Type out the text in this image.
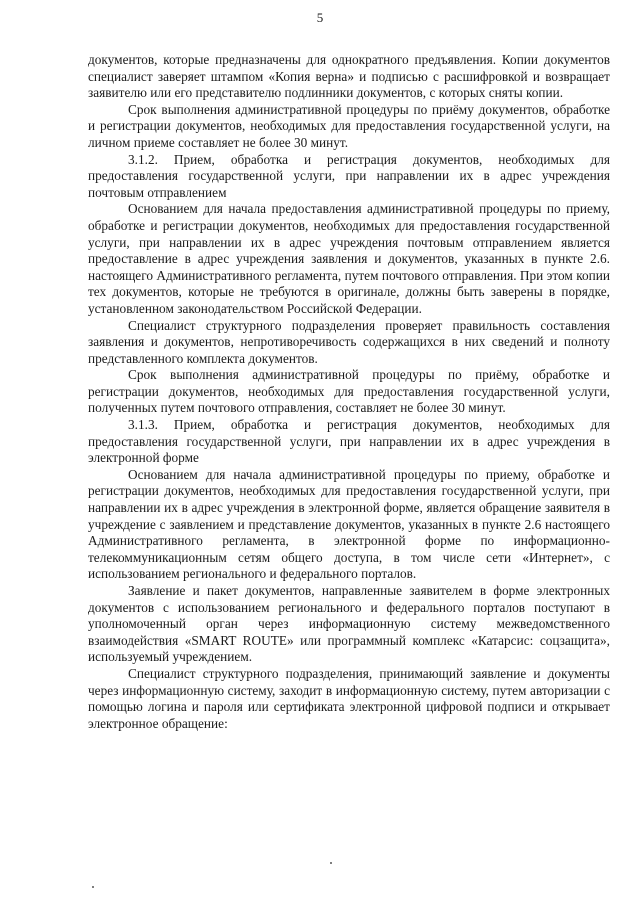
5

документов, которые предназначены для однократного предъявления. Копии документов специалист заверяет штампом «Копия верна» и подписью с расшифровкой и возвращает заявителю или его представителю подлинники документов, с которых сняты копии.

Срок выполнения административной процедуры по приёму документов, обработке и регистрации документов, необходимых для предоставления государственной услуги, на личном приеме составляет не более 30 минут.

3.1.2. Прием, обработка и регистрация документов, необходимых для предоставления государственной услуги, при направлении их в адрес учреждения почтовым отправлением

Основанием для начала предоставления административной процедуры по приему, обработке и регистрации документов, необходимых для предоставления государственной услуги, при направлении их в адрес учреждения почтовым отправлением является предоставление в адрес учреждения заявления и документов, указанных в пункте 2.6. настоящего Административного регламента, путем почтового отправления. При этом копии тех документов, которые не требуются в оригинале, должны быть заверены в порядке, установленном законодательством Российской Федерации.

Специалист структурного подразделения проверяет правильность составления заявления и документов, непротиворечивость содержащихся в них сведений и полноту представленного комплекта документов.

Срок выполнения административной процедуры по приёму, обработке и регистрации документов, необходимых для предоставления государственной услуги, полученных путем почтового отправления, составляет не более 30 минут.

3.1.3. Прием, обработка и регистрация документов, необходимых для предоставления государственной услуги, при направлении их в адрес учреждения в электронной форме

Основанием для начала административной процедуры по приему, обработке и регистрации документов, необходимых для предоставления государственной услуги, при направлении их в адрес учреждения в электронной форме, является обращение заявителя в учреждение с заявлением и представление документов, указанных в пункте 2.6 настоящего Административного регламента, в электронной форме по информационно-телекоммуникационным сетям общего доступа, в том числе сети «Интернет», с использованием регионального и федерального порталов.

Заявление и пакет документов, направленные заявителем в форме электронных документов с использованием регионального и федерального порталов поступают в уполномоченный орган через информационную систему межведомственного взаимодействия «SMART ROUTE» или программный комплекс «Катарсис: соцзащита», используемый учреждением.

Специалист структурного подразделения, принимающий заявление и документы через информационную систему, заходит в информационную систему, путем авторизации с помощью логина и пароля или сертификата электронной цифровой подписи и открывает электронное обращение:
